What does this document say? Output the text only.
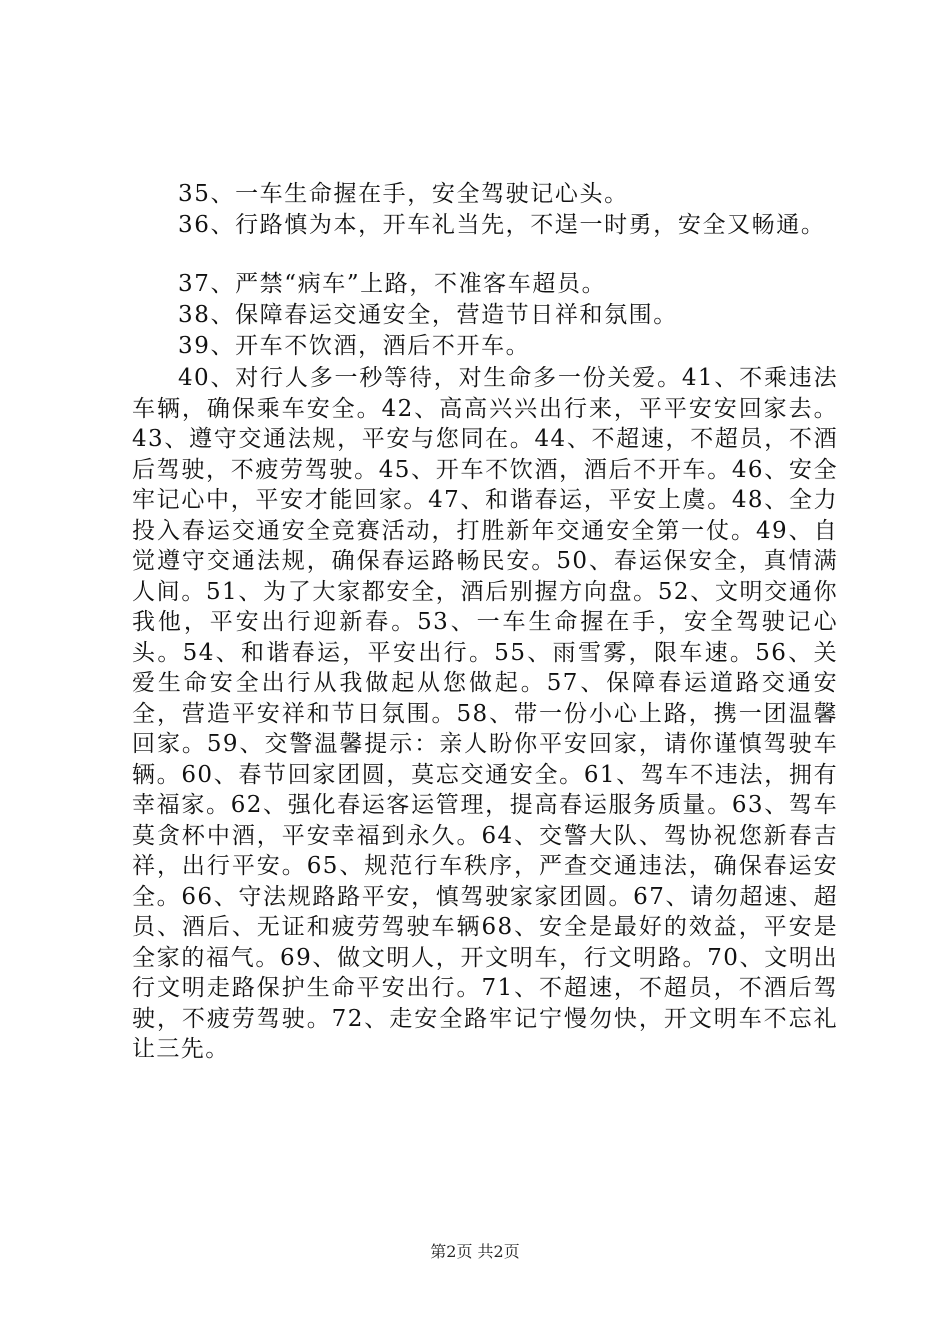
35、一车生命握在手，安全驾驶记心头。
36、行路慎为本，开车礼当先，不逞一时勇，安全又畅通。
37、严禁“病车”上路，不准客车超员。
38、保障春运交通安全，营造节日祥和氛围。
39、开车不饮酒，酒后不开车。
40、对行人多一秒等待，对生命多一份关爱。41、不乘违法车辆，确保乘车安全。42、高高兴兴出行来，平平安安回家去。43、遵守交通法规，平安与您同在。44、不超速，不超员，不酒后驾驶，不疲劳驾驶。45、开车不饮酒，酒后不开车。46、安全牢记心中，平安才能回家。47、和谐春运，平安上虞。48、全力投入春运交通安全竞赛活动，打胜新年交通安全第一仗。49、自觉遵守交通法规，确保春运路畅民安。50、春运保安全，真情满人间。51、为了大家都安全，酒后别握方向盘。52、文明交通你我他，平安出行迎新春。53、一车生命握在手，安全驾驶记心头。54、和谐春运，平安出行。55、雨雪雾，限车速。56、关爱生命安全出行从我做起从您做起。57、保障春运道路交通安全，营造平安祥和节日氛围。58、带一份小心上路，携一团温馨回家。59、交警温馨提示：亲人盼你平安回家，请你谨慎驾驶车辆。60、春节回家团圆，莫忘交通安全。61、驾车不违法，拥有幸福家。62、强化春运客运管理，提高春运服务质量。63、驾车莫贪杯中酒，平安幸福到永久。64、交警大队、驾协祝您新春吉祥，出行平安。65、规范行车秩序，严查交通违法，确保春运安全。66、守法规路路平安，慎驾驶家家团圆。67、请勿超速、超员、酒后、无证和疲劳驾驶车辆68、安全是最好的效益，平安是全家的福气。69、做文明人，开文明车，行文明路。70、文明出行文明走路保护生命平安出行。71、不超速，不超员，不酒后驾驶，不疲劳驾驶。72、走安全路牢记宁慢勿快，开文明车不忘礼让三先。
第2页 共2页
